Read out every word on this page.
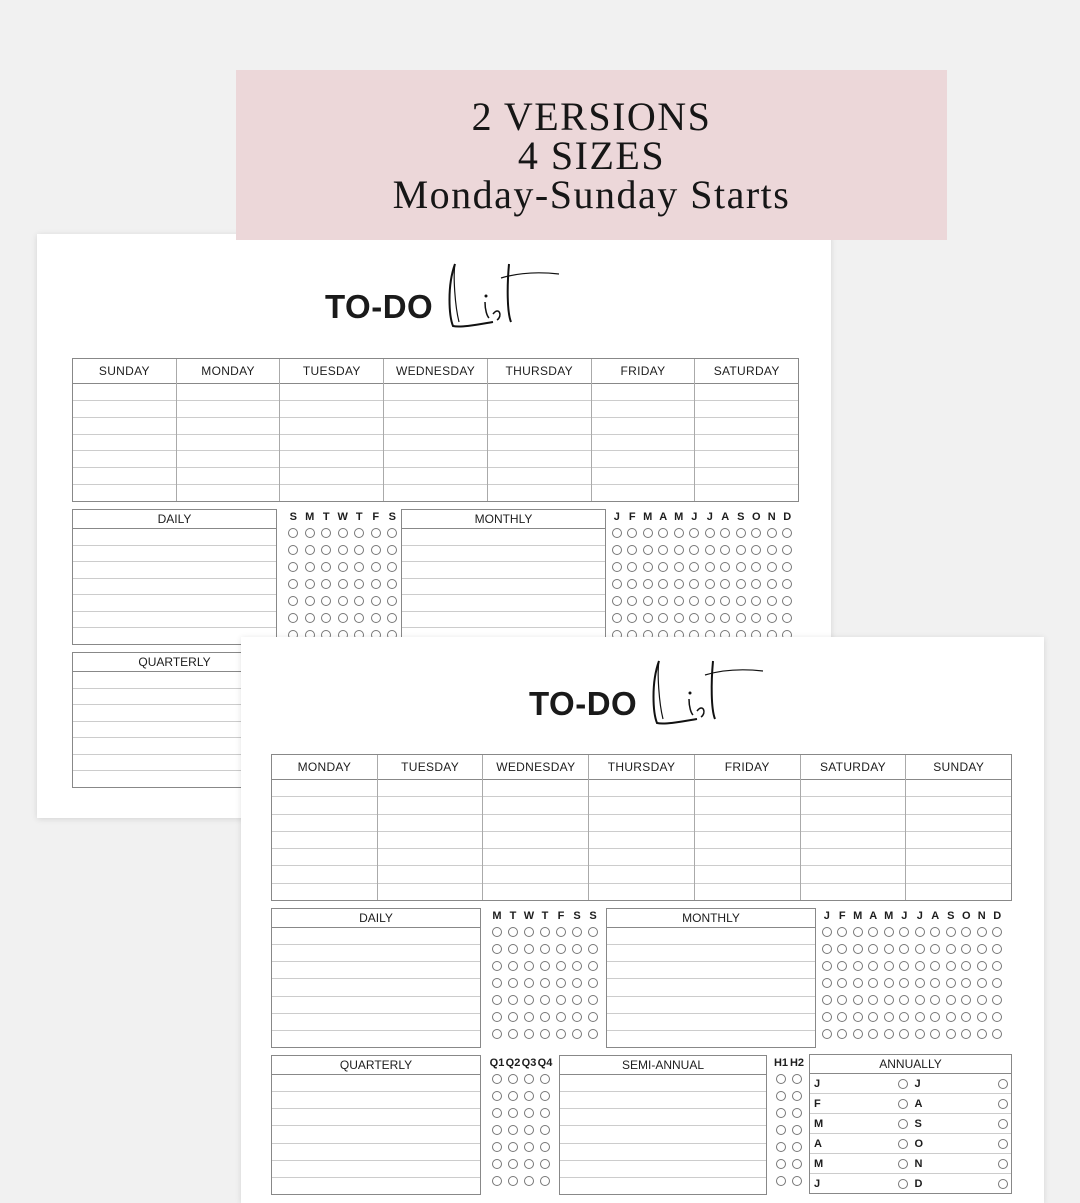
2 VERSIONS
4 SIZES
Monday-Sunday Starts
TO-DO
SUNDAY	MONDAY	TUESDAY	WEDNESDAY	THURSDAY	FRIDAY	SATURDAY
DAILY	S M T W T F S	MONTHLY	J F M A M J J A S O N D
QUARTERLY
TO-DO
MONDAY	TUESDAY	WEDNESDAY	THURSDAY	FRIDAY	SATURDAY	SUNDAY
DAILY	M T W T F S S	MONTHLY	J F M A M J J A S O N D
QUARTERLY	Q1 Q2 Q3 Q4	SEMI-ANNUAL	H1 H2	ANNUALLY
J	J
F	A
M	S
A	O
M	N
J	D
